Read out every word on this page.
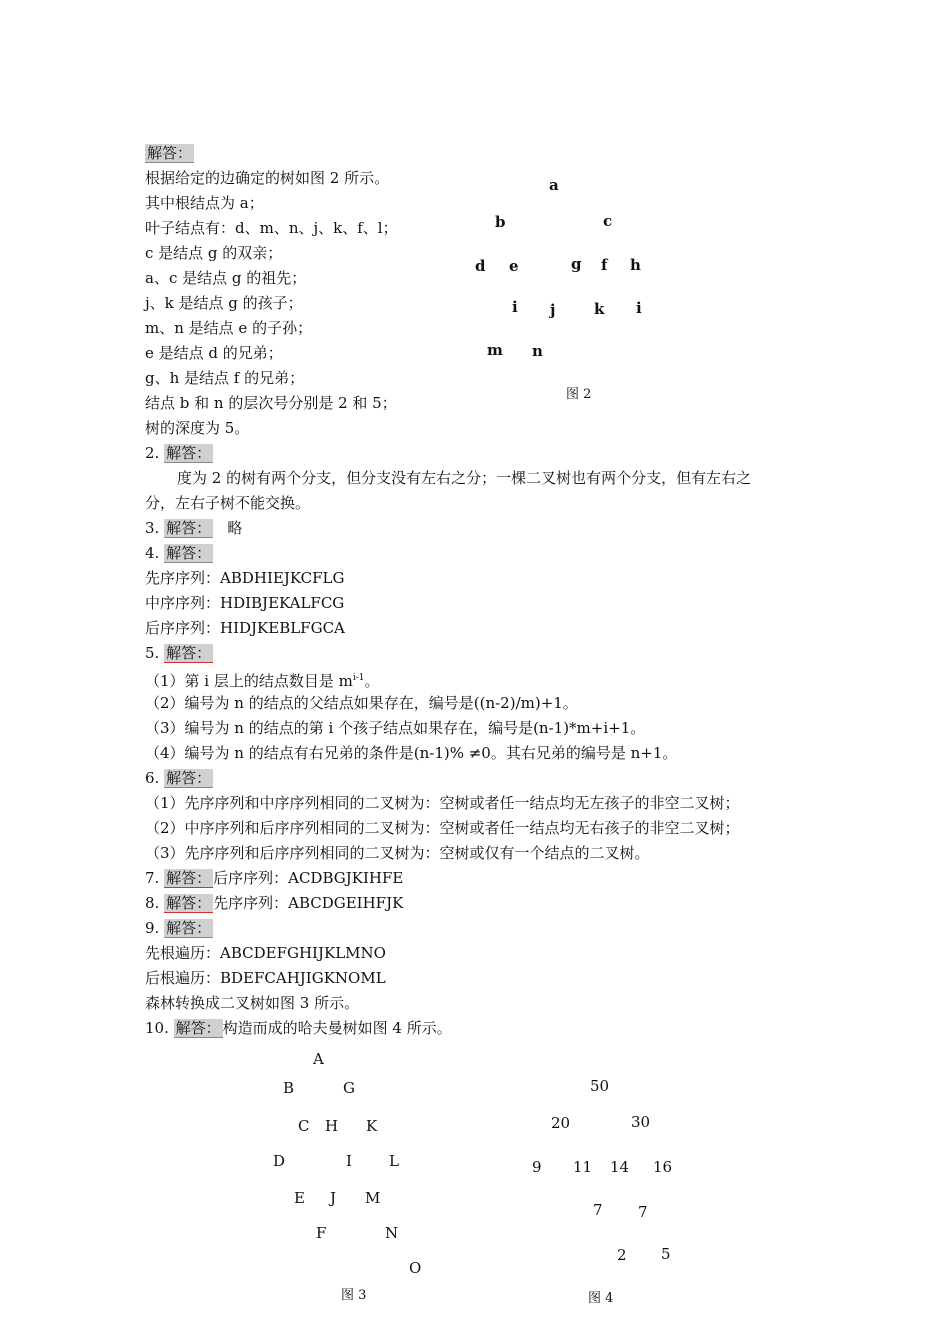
解答：
根据给定的边确定的树如图 2 所示。
其中根结点为 a；
叶子结点有：d、m、n、j、k、f、l；
c 是结点 g 的双亲；
a、c 是结点 g 的祖先；
j、k 是结点 g 的孩子；
m、n 是结点 e 的子孙；
e 是结点 d 的兄弟；
g、h 是结点 f 的兄弟；
结点 b 和 n 的层次号分别是 2 和 5；
树的深度为 5。
a
b	c
d e	g f h
i j	k i
m n
图 2
2. 解答：
度为 2 的树有两个分支，但分支没有左右之分；一棵二叉树也有两个分支，但有左右之
分，左右子树不能交换。
3. 解答： 略
4. 解答：
先序序列：ABDHIEJKCFLG
中序序列：HDIBJEKALFCG
后序序列：HIDJKEBLFGCA
5. 解答：
（1）第 i 层上的结点数目是 $m^{i-1}$。
（2）编号为 n 的结点的父结点如果存在，编号是((n-2)/m)+1。
（3）编号为 n 的结点的第 i 个孩子结点如果存在，编号是(n-1)*m+i+1。
（4）编号为 n 的结点有右兄弟的条件是(n-1)% ≠0。其右兄弟的编号是 n+1。
6. 解答：
（1）先序序列和中序序列相同的二叉树为：空树或者任一结点均无左孩子的非空二叉树；
（2）中序序列和后序序列相同的二叉树为：空树或者任一结点均无右孩子的非空二叉树；
（3）先序序列和后序序列相同的二叉树为：空树或仅有一个结点的二叉树。
7. 解答： 后序序列：ACDBGJKIHFE
8. 解答： 先序序列：ABCDGEIHFJK
9. 解答：
先根遍历：ABCDEFGHIJKLMNO
后根遍历：BDEFCAHJIGKNOML
森林转换成二叉树如图 3 所示。
10. 解答： 构造而成的哈夫曼树如图 4 所示。
A
B	G
C H K
D	I L
E J M
F	N
O
图 3
50
20	30
9 11 14 16
7 7
2 5
图 4
